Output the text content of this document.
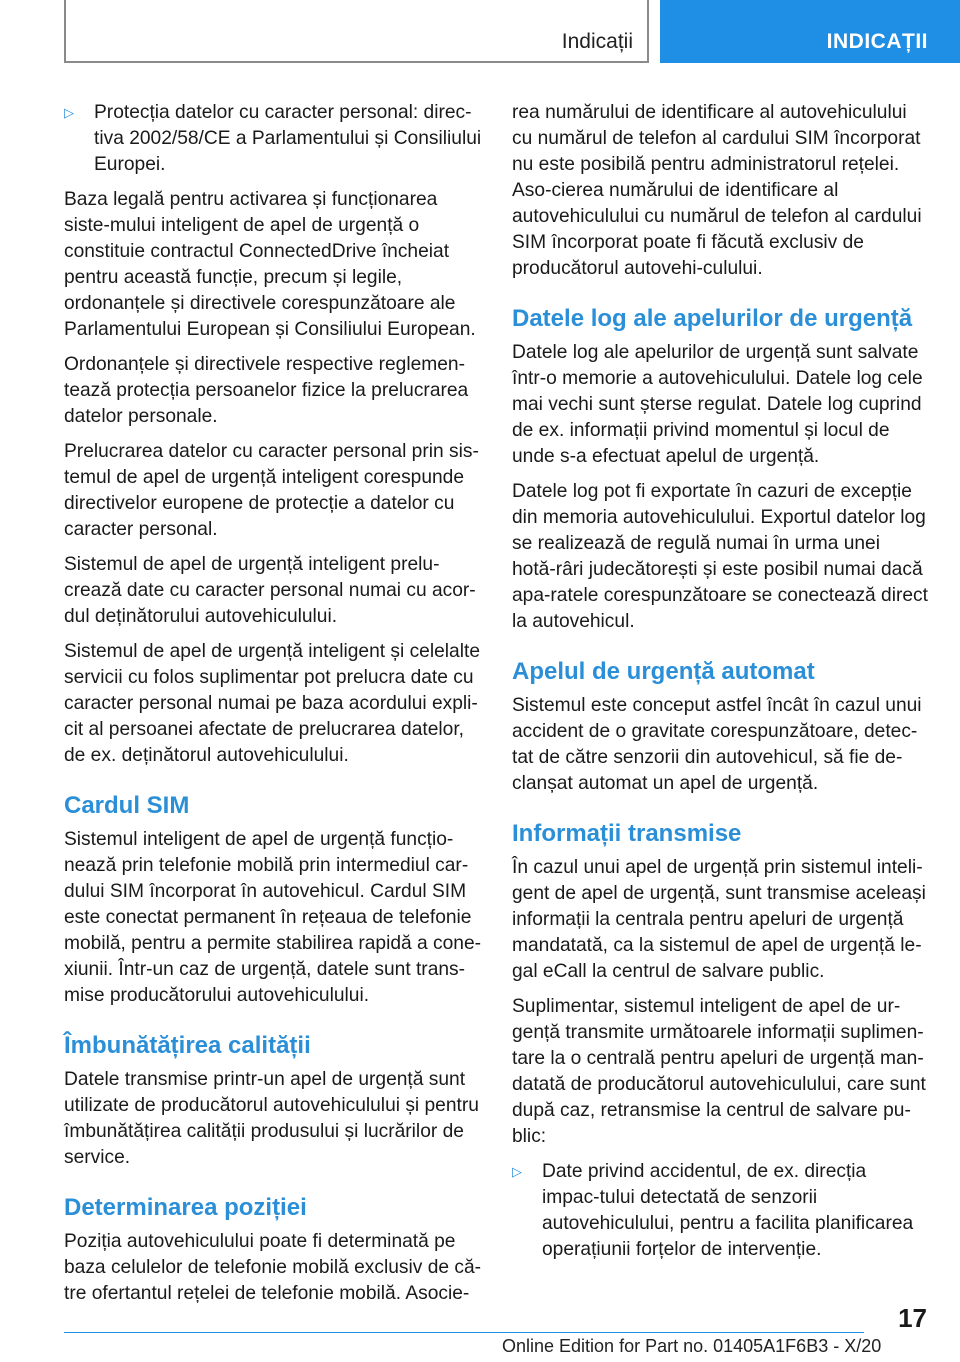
Indicații	INDICAȚII
▷	Protecția datelor cu caracter personal: direc‐tiva 2002/58/CE a Parlamentului și Consiliului Europei.

Baza legală pentru activarea și funcționarea siste‐mului inteligent de apel de urgență o constituie contractul ConnectedDrive încheiat pentru această funcție, precum și legile, ordonanțele și directivele corespunzătoare ale Parlamentului European și Consiliului European.

Ordonanțele și directivele respective reglemen‐tează protecția persoanelor fizice la prelucrarea datelor personale.

Prelucrarea datelor cu caracter personal prin sis‐temul de apel de urgență inteligent corespunde directivelor europene de protecție a datelor cu caracter personal.

Sistemul de apel de urgență inteligent prelu‐crează date cu caracter personal numai cu acor‐dul deținătorului autovehiculului.

Sistemul de apel de urgență inteligent și celelalte servicii cu folos suplimentar pot prelucra date cu caracter personal numai pe baza acordului expli‐cit al persoanei afectate de prelucrarea datelor, de ex. deținătorul autovehiculului.

Cardul SIM

Sistemul inteligent de apel de urgență funcțio‐nează prin telefonie mobilă prin intermediul car‐dului SIM încorporat în autovehicul. Cardul SIM este conectat permanent în rețeaua de telefonie mobilă, pentru a permite stabilirea rapidă a cone‐xiunii. Într-un caz de urgență, datele sunt trans‐mise producătorului autovehiculului.

Îmbunătățirea calității

Datele transmise printr-un apel de urgență sunt utilizate de producătorul autovehiculului și pentru îmbunătățirea calității produsului și lucrărilor de service.

Determinarea poziției

Poziția autovehiculului poate fi determinată pe baza celulelor de telefonie mobilă exclusiv de că‐tre ofertantul rețelei de telefonie mobilă. Asocie‐

rea numărului de identificare al autovehiculului cu numărul de telefon al cardului SIM încorporat nu este posibilă pentru administratorul rețelei. Aso‐cierea numărului de identificare al autovehiculului cu numărul de telefon al cardului SIM încorporat poate fi făcută exclusiv de producătorul autovehi‐culului.

Datele log ale apelurilor de urgență

Datele log ale apelurilor de urgență sunt salvate într-o memorie a autovehiculului. Datele log cele mai vechi sunt șterse regulat. Datele log cuprind de ex. informații privind momentul și locul de unde s-a efectuat apelul de urgență.

Datele log pot fi exportate în cazuri de excepție din memoria autovehiculului. Exportul datelor log se realizează de regulă numai în urma unei hotă‐râri judecătorești și este posibil numai dacă apa‐ratele corespunzătoare se conectează direct la autovehicul.

Apelul de urgență automat

Sistemul este conceput astfel încât în cazul unui accident de o gravitate corespunzătoare, detec‐tat de către senzorii din autovehicul, să fie de‐clanșat automat un apel de urgență.

Informații transmise

În cazul unui apel de urgență prin sistemul inteli‐gent de apel de urgență, sunt transmise aceleași informații la centrala pentru apeluri de urgență mandatată, ca la sistemul de apel de urgență le‐gal eCall la centrul de salvare public.

Suplimentar, sistemul inteligent de apel de ur‐gență transmite următoarele informații suplimen‐tare la o centrală pentru apeluri de urgență man‐datată de producătorul autovehiculului, care sunt după caz, retransmise la centrul de salvare pu‐blic:

▷	Date privind accidentul, de ex. direcția impac‐tului detectată de senzorii autovehiculului, pentru a facilita planificarea operațiunii forțelor de intervenție.
17
Online Edition for Part no. 01405A1F6B3 - X/20
